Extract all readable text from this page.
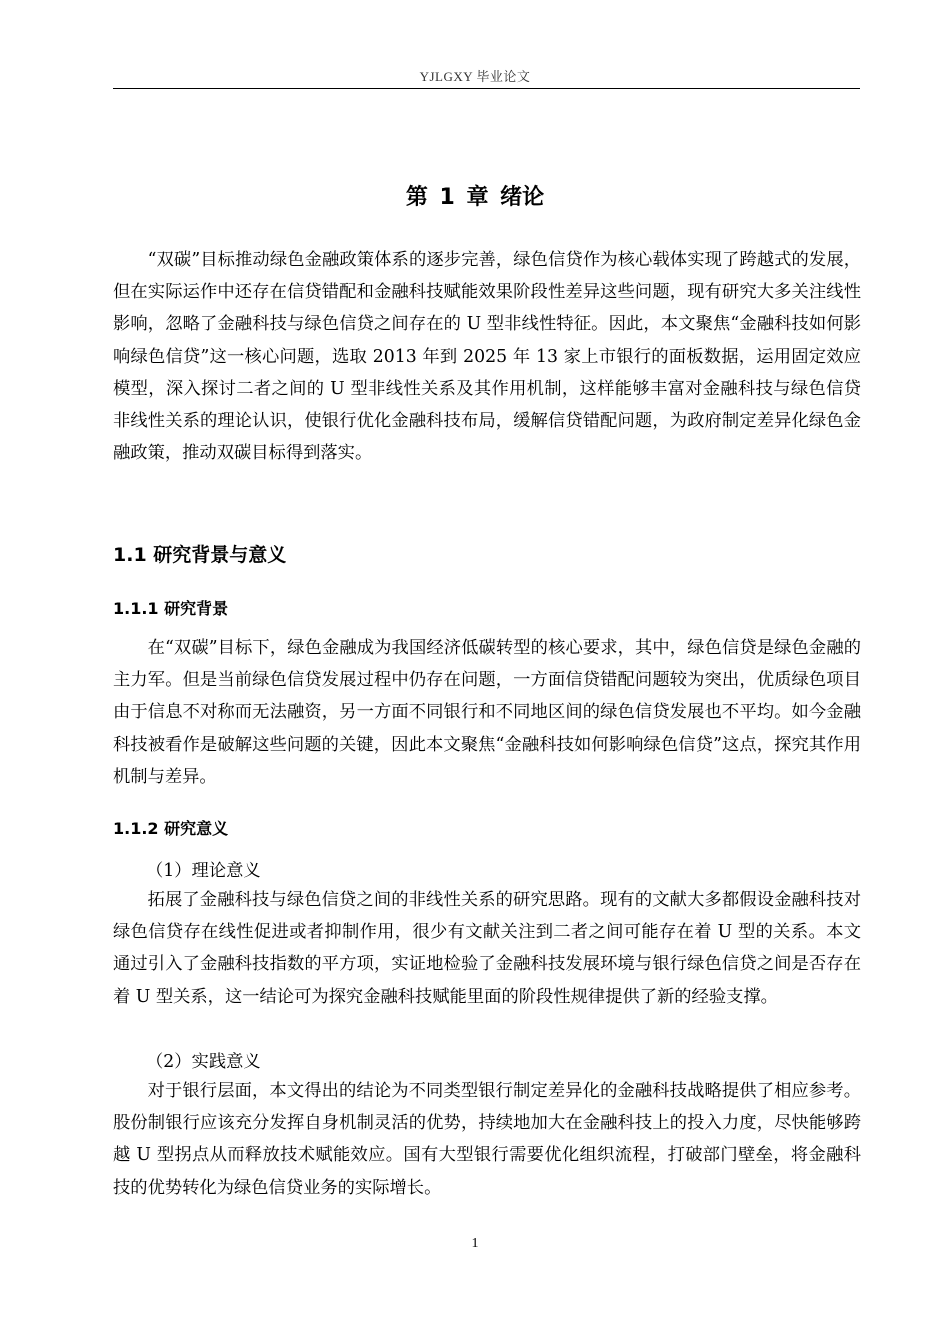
YJLGXY 毕业论文
第 1 章 绪论

“双碳”目标推动绿色金融政策体系的逐步完善，绿色信贷作为核心载体实现了跨越式的发展，但在实际运作中还存在信贷错配和金融科技赋能效果阶段性差异这些问题，现有研究大多关注线性影响，忽略了金融科技与绿色信贷之间存在的 U 型非线性特征。因此，本文聚焦“金融科技如何影响绿色信贷”这一核心问题，选取 2013 年到 2025 年 13 家上市银行的面板数据，运用固定效应模型，深入探讨二者之间的 U 型非线性关系及其作用机制，这样能够丰富对金融科技与绿色信贷非线性关系的理论认识，使银行优化金融科技布局，缓解信贷错配问题，为政府制定差异化绿色金融政策，推动双碳目标得到落实。

1.1 研究背景与意义
1.1.1 研究背景

在“双碳”目标下，绿色金融成为我国经济低碳转型的核心要求，其中，绿色信贷是绿色金融的主力军。但是当前绿色信贷发展过程中仍存在问题，一方面信贷错配问题较为突出，优质绿色项目由于信息不对称而无法融资，另一方面不同银行和不同地区间的绿色信贷发展也不平均。如今金融科技被看作是破解这些问题的关键，因此本文聚焦“金融科技如何影响绿色信贷”这点，探究其作用机制与差异。

1.1.2 研究意义
（1）理论意义

拓展了金融科技与绿色信贷之间的非线性关系的研究思路。现有的文献大多都假设金融科技对绿色信贷存在线性促进或者抑制作用，很少有文献关注到二者之间可能存在着 U 型的关系。本文通过引入了金融科技指数的平方项，实证地检验了金融科技发展环境与银行绿色信贷之间是否存在着 U 型关系，这一结论可为探究金融科技赋能里面的阶段性规律提供了新的经验支撑。

（2）实践意义

对于银行层面，本文得出的结论为不同类型银行制定差异化的金融科技战略提供了相应参考。股份制银行应该充分发挥自身机制灵活的优势，持续地加大在金融科技上的投入力度，尽快能够跨越 U 型拐点从而释放技术赋能效应。国有大型银行需要优化组织流程，打破部门壁垒，将金融科技的优势转化为绿色信贷业务的实际增长。

1
